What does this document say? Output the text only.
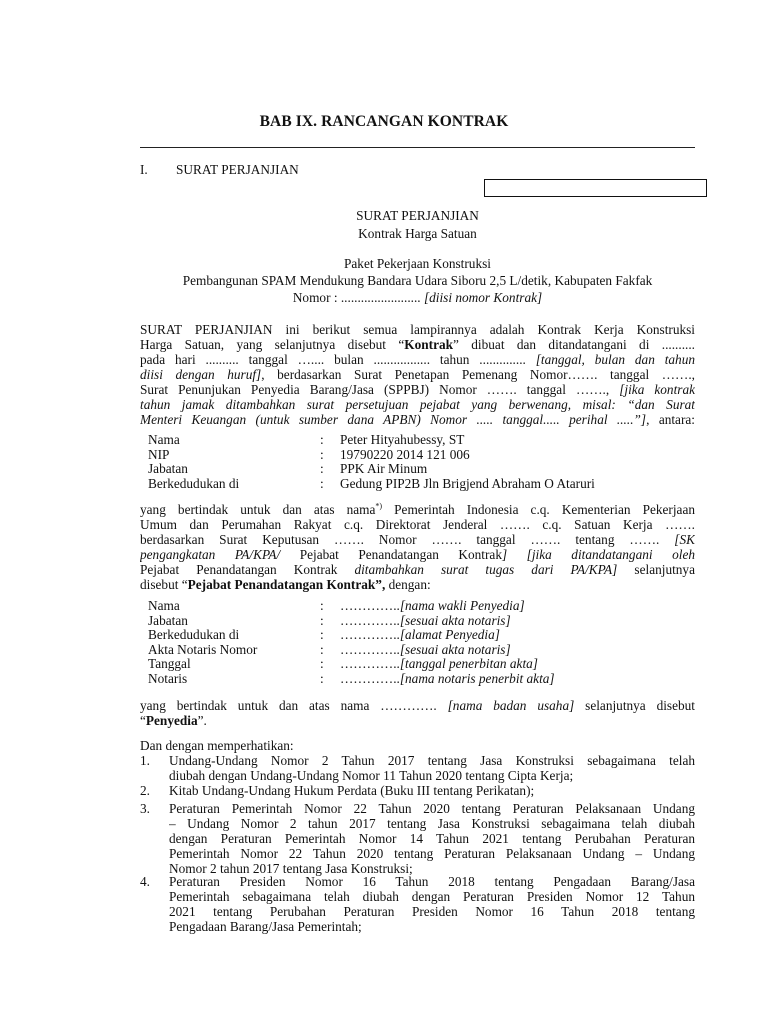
BAB IX. RANCANGAN KONTRAK
I. SURAT PERJANJIAN
SURAT PERJANJIAN
Kontrak Harga Satuan
Paket Pekerjaan Konstruksi
Pembangunan SPAM Mendukung Bandara Udara Siboru 2,5 L/detik, Kabupaten Fakfak
Nomor : ........................ [diisi nomor Kontrak]
SURAT PERJANJIAN ini berikut semua lampirannya adalah Kontrak Kerja Konstruksi
Harga Satuan, yang selanjutnya disebut “Kontrak” dibuat dan ditandatangani di ..........
pada hari .......... tanggal ….... bulan ................. tahun .............. [tanggal, bulan dan tahun
diisi dengan huruf], berdasarkan Surat Penetapan Pemenang Nomor……. tanggal …….,
Surat Penunjukan Penyedia Barang/Jasa (SPPBJ) Nomor ……. tanggal ……., [jika kontrak
tahun jamak ditambahkan surat persetujuan pejabat yang berwenang, misal: “dan Surat
Menteri Keuangan (untuk sumber dana APBN) Nomor ..... tanggal..... perihal .....”], antara:
Nama	:	Peter Hityahubessy, ST
NIP	:	19790220 2014 121 006
Jabatan	:	PPK Air Minum
Berkedudukan di	:	Gedung PIP2B Jln Brigjend Abraham O Ataruri
yang bertindak untuk dan atas nama*) Pemerintah Indonesia c.q. Kementerian Pekerjaan
Umum dan Perumahan Rakyat c.q. Direktorat Jenderal ……. c.q. Satuan Kerja …….
berdasarkan Surat Keputusan ……. Nomor ……. tanggal ……. tentang ……. [SK
pengangkatan PA/KPA/ Pejabat Penandatangan Kontrak] [jika ditandatangani oleh
Pejabat Penandatangan Kontrak ditambahkan surat tugas dari PA/KPA] selanjutnya
disebut “Pejabat Penandatangan Kontrak”, dengan:
Nama	:	…………..[nama wakli Penyedia]
Jabatan	:	…………..[sesuai akta notaris]
Berkedudukan di	:	…………..[alamat Penyedia]
Akta Notaris Nomor	:	…………..[sesuai akta notaris]
Tanggal	:	…………..[tanggal penerbitan akta]
Notaris	:	…………..[nama notaris penerbit akta]
yang bertindak untuk dan atas nama …………. [nama badan usaha] selanjutnya disebut
“Penyedia”.
Dan dengan memperhatikan:
1.	Undang-Undang Nomor 2 Tahun 2017 tentang Jasa Konstruksi sebagaimana telah
diubah dengan Undang-Undang Nomor 11 Tahun 2020 tentang Cipta Kerja;
2.	Kitab Undang-Undang Hukum Perdata (Buku III tentang Perikatan);
3.	Peraturan Pemerintah Nomor 22 Tahun 2020 tentang Peraturan Pelaksanaan Undang
– Undang Nomor 2 tahun 2017 tentang Jasa Konstruksi sebagaimana telah diubah
dengan Peraturan Pemerintah Nomor 14 Tahun 2021 tentang Perubahan Peraturan
Pemerintah Nomor 22 Tahun 2020 tentang Peraturan Pelaksanaan Undang – Undang
Nomor 2 tahun 2017 tentang Jasa Konstruksi;
4.	Peraturan Presiden Nomor 16 Tahun 2018 tentang Pengadaan Barang/Jasa
Pemerintah sebagaimana telah diubah dengan Peraturan Presiden Nomor 12 Tahun
2021 tentang Perubahan Peraturan Presiden Nomor 16 Tahun 2018 tentang
Pengadaan Barang/Jasa Pemerintah;
